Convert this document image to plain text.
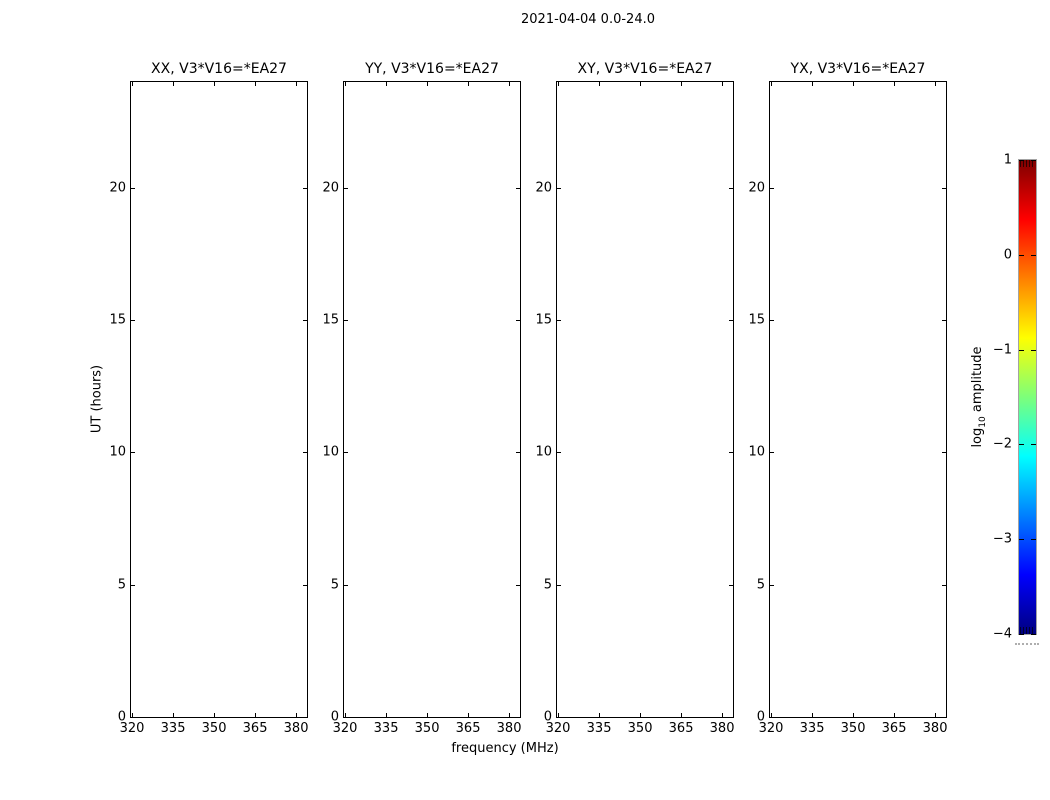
2021-04-04 0.0-24.0
UT (hours)
frequency (MHz)
XX, V3*V16=*EA27
320 335 350 365 380
0
5
10
15
20
YY, V3*V16=*EA27
320 335 350 365 380
0
5
10
15
20
XY, V3*V16=*EA27
320 335 350 365 380
0
5
10
15
20
YX, V3*V16=*EA27
320 335 350 365 380
0
5
10
15
20
1
0
−1
−2
−3
−4
$\log_{10}$ amplitude
